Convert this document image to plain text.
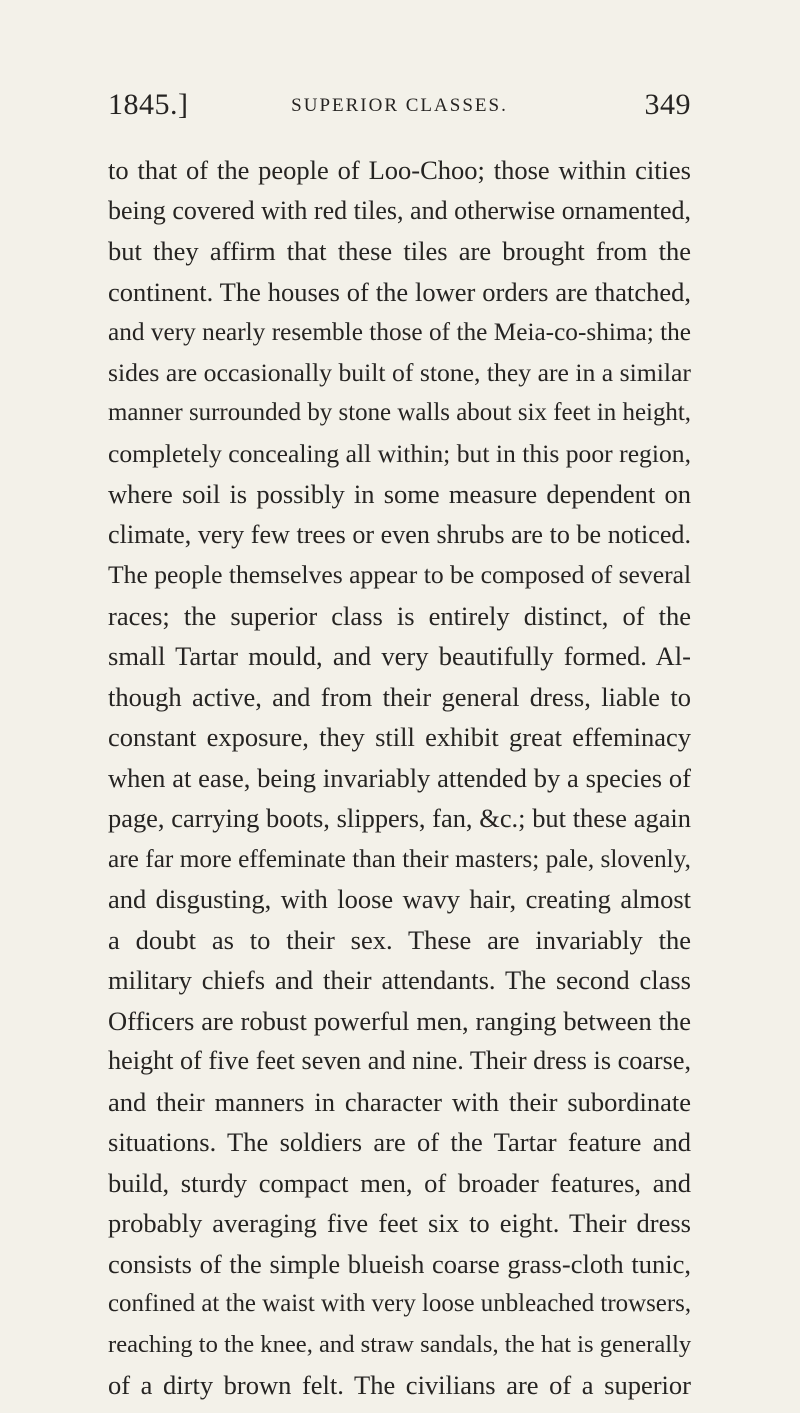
1845.]	SUPERIOR CLASSES.	349
to that of the people of Loo-Choo; those within cities
being covered with red tiles, and otherwise ornamented,
but they affirm that these tiles are brought from the
continent. The houses of the lower orders are thatched,
and very nearly resemble those of the Meia-co-shima; the
sides are occasionally built of stone, they are in a similar
manner surrounded by stone walls about six feet in height,
completely concealing all within; but in this poor region,
where soil is possibly in some measure dependent on
climate, very few trees or even shrubs are to be noticed.
The people themselves appear to be composed of several
races; the superior class is entirely distinct, of the
small Tartar mould, and very beautifully formed. Al-
though active, and from their general dress, liable to
constant exposure, they still exhibit great effeminacy
when at ease, being invariably attended by a species of
page, carrying boots, slippers, fan, &c.; but these again
are far more effeminate than their masters; pale, slovenly,
and disgusting, with loose wavy hair, creating almost
a doubt as to their sex. These are invariably the
military chiefs and their attendants. The second class
Officers are robust powerful men, ranging between the
height of five feet seven and nine. Their dress is coarse,
and their manners in character with their subordinate
situations. The soldiers are of the Tartar feature and
build, sturdy compact men, of broader features, and
probably averaging five feet six to eight. Their dress
consists of the simple blueish coarse grass-cloth tunic,
confined at the waist with very loose unbleached trowsers,
reaching to the knee, and straw sandals, the hat is generally
of a dirty brown felt. The civilians are of a superior
